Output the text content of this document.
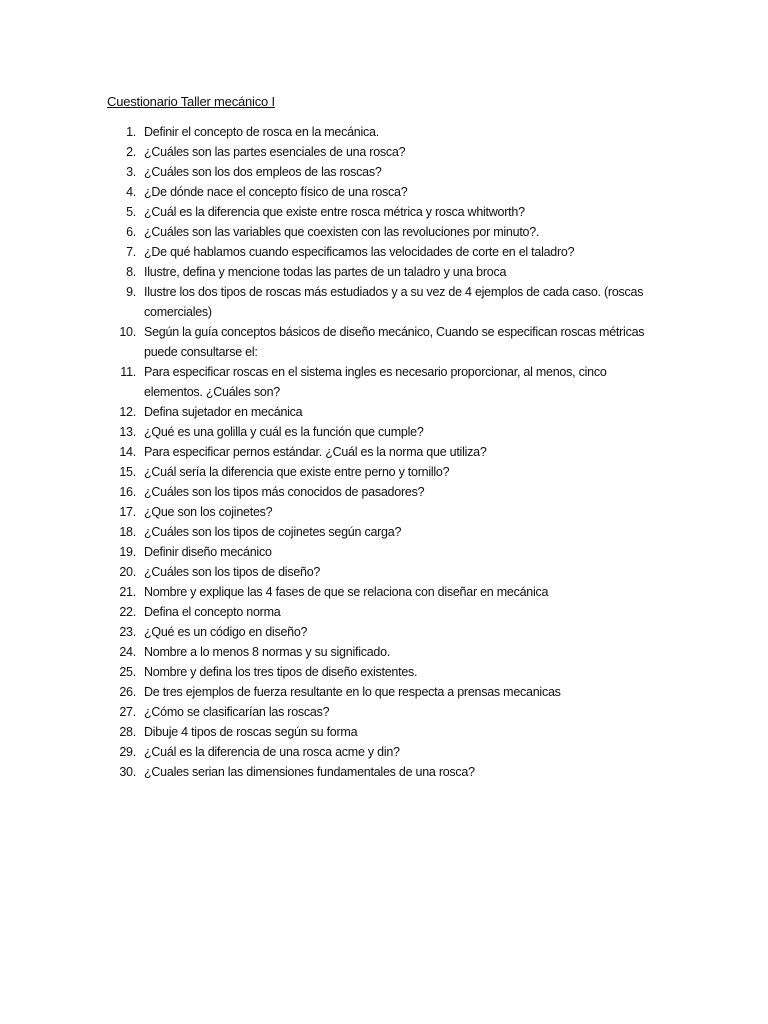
Cuestionario Taller mecánico I
1. Definir el concepto de rosca en la mecánica.
2. ¿Cuáles son las partes esenciales de una rosca?
3. ¿Cuáles son los dos empleos de las roscas?
4. ¿De dónde nace el concepto físico de una rosca?
5. ¿Cuál es la diferencia que existe entre rosca métrica y rosca whitworth?
6. ¿Cuáles son las variables que coexisten con las revoluciones por minuto?.
7. ¿De qué hablamos cuando especificamos las velocidades de corte en el taladro?
8. Ilustre, defina y mencione todas las partes de un taladro y una broca
9. Ilustre los dos tipos de roscas más estudiados y a su vez de 4 ejemplos de cada caso. (roscas comerciales)
10. Según la guía conceptos básicos de diseño mecánico, Cuando se especifican roscas métricas puede consultarse el:
11. Para especificar roscas en el sistema ingles es necesario proporcionar, al menos, cinco elementos. ¿Cuáles son?
12. Defina sujetador en mecánica
13. ¿Qué es una golilla y cuál es la función que cumple?
14. Para especificar pernos estándar. ¿Cuál es la norma que utiliza?
15. ¿Cuál sería la diferencia que existe entre perno y tornillo?
16. ¿Cuáles son los tipos más conocidos de pasadores?
17. ¿Que son los cojinetes?
18. ¿Cuáles son los tipos de cojinetes según carga?
19. Definir diseño mecánico
20. ¿Cuáles son los tipos de diseño?
21. Nombre y explique las 4 fases de que se relaciona con diseñar en mecánica
22. Defina el concepto norma
23. ¿Qué es un código en diseño?
24. Nombre a lo menos 8 normas y su significado.
25. Nombre y defina los tres tipos de diseño existentes.
26. De tres ejemplos de fuerza resultante en lo que respecta a prensas mecanicas
27. ¿Cómo se clasificarían las roscas?
28. Dibuje 4 tipos de roscas según su forma
29. ¿Cuál es la diferencia de una rosca acme y din?
30. ¿Cuales serian las dimensiones fundamentales de una rosca?
